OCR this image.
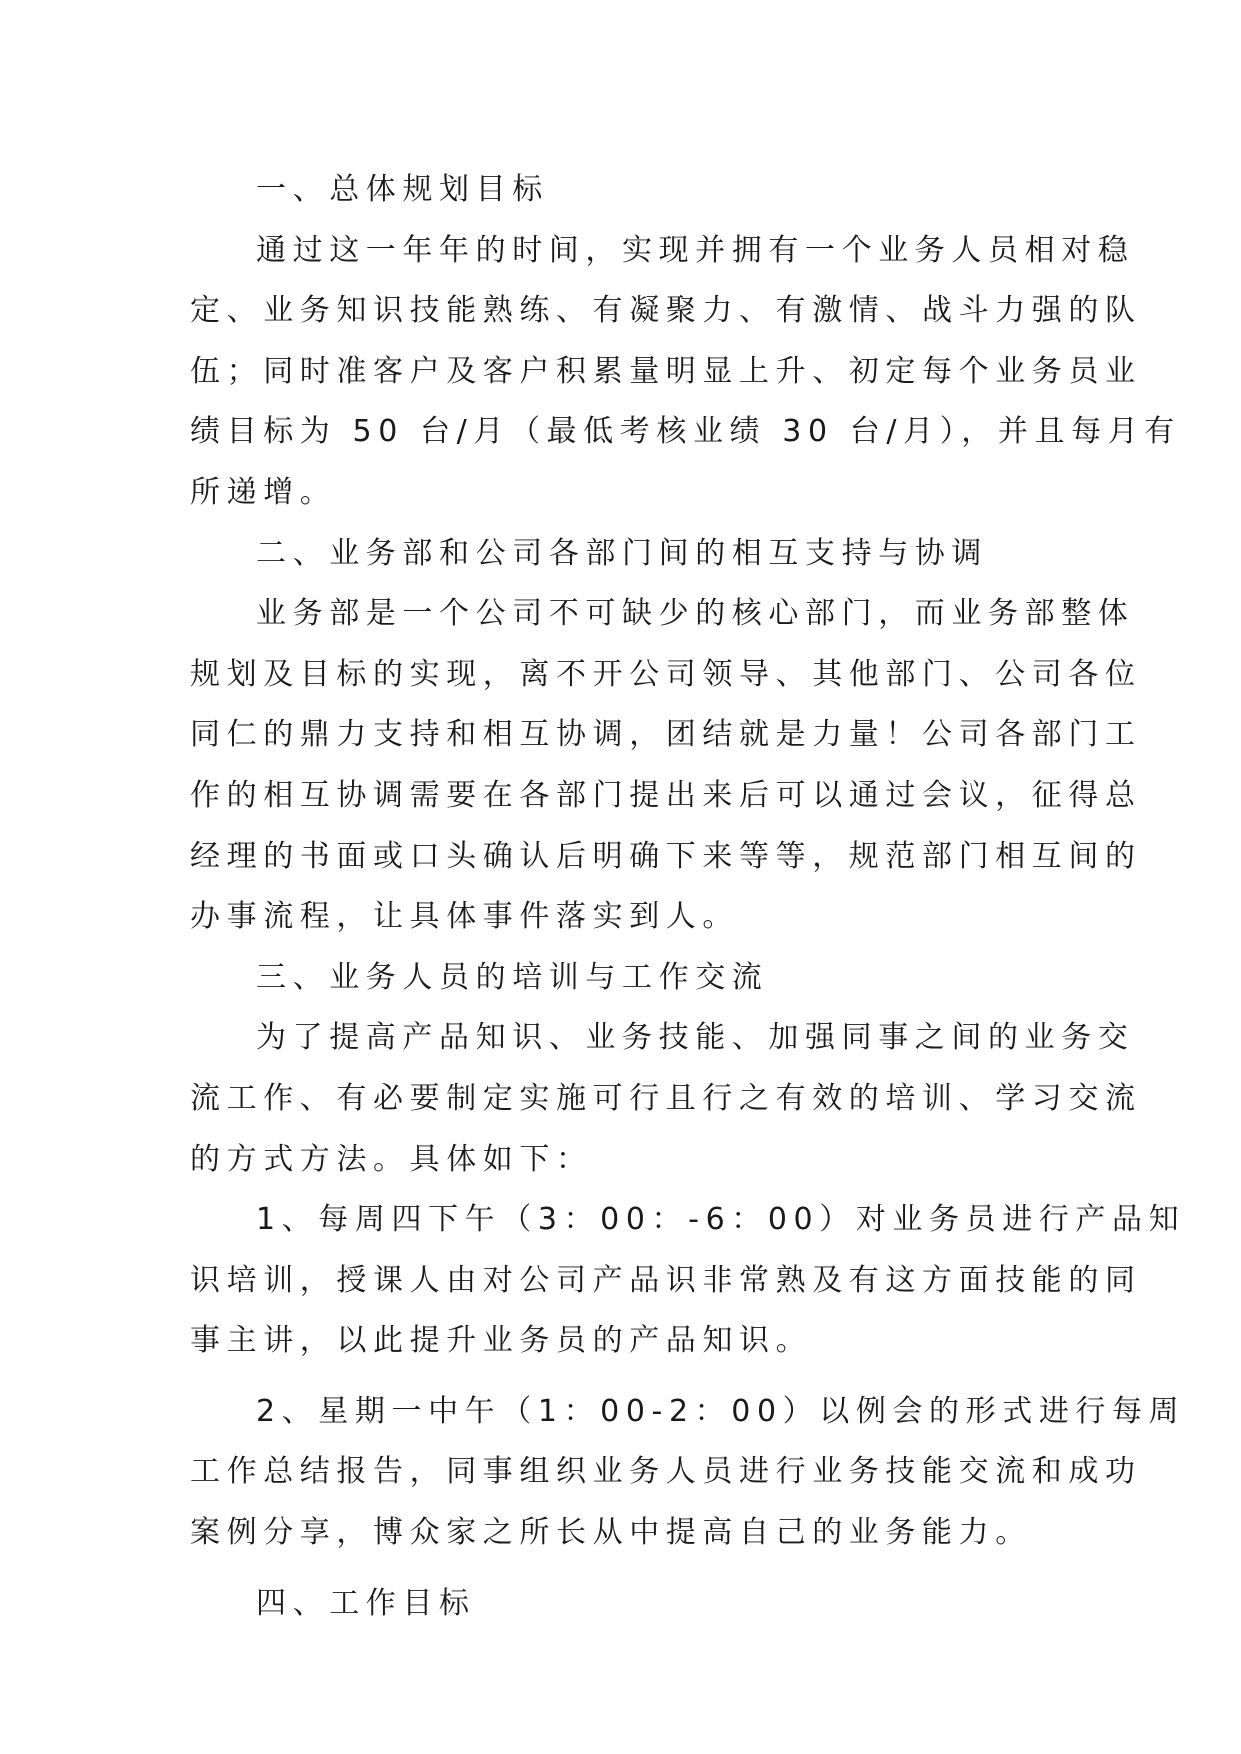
一、总体规划目标

通过这一年年的时间，实现并拥有一个业务人员相对稳

定、业务知识技能熟练、有凝聚力、有激情、战斗力强的队

伍；同时准客户及客户积累量明显上升、初定每个业务员业

绩目标为 50 台/月（最低考核业绩 30 台/月），并且每月有

所递增。

二、业务部和公司各部门间的相互支持与协调

业务部是一个公司不可缺少的核心部门，而业务部整体

规划及目标的实现，离不开公司领导、其他部门、公司各位

同仁的鼎力支持和相互协调，团结就是力量！公司各部门工

作的相互协调需要在各部门提出来后可以通过会议，征得总

经理的书面或口头确认后明确下来等等，规范部门相互间的

办事流程，让具体事件落实到人。

三、业务人员的培训与工作交流

为了提高产品知识、业务技能、加强同事之间的业务交

流工作、有必要制定实施可行且行之有效的培训、学习交流

的方式方法。具体如下：

1、每周四下午（3：00：-6：00）对业务员进行产品知

识培训，授课人由对公司产品识非常熟及有这方面技能的同

事主讲，以此提升业务员的产品知识。

2、星期一中午（1：00-2：00）以例会的形式进行每周

工作总结报告，同事组织业务人员进行业务技能交流和成功

案例分享，博众家之所长从中提高自己的业务能力。

四、工作目标
